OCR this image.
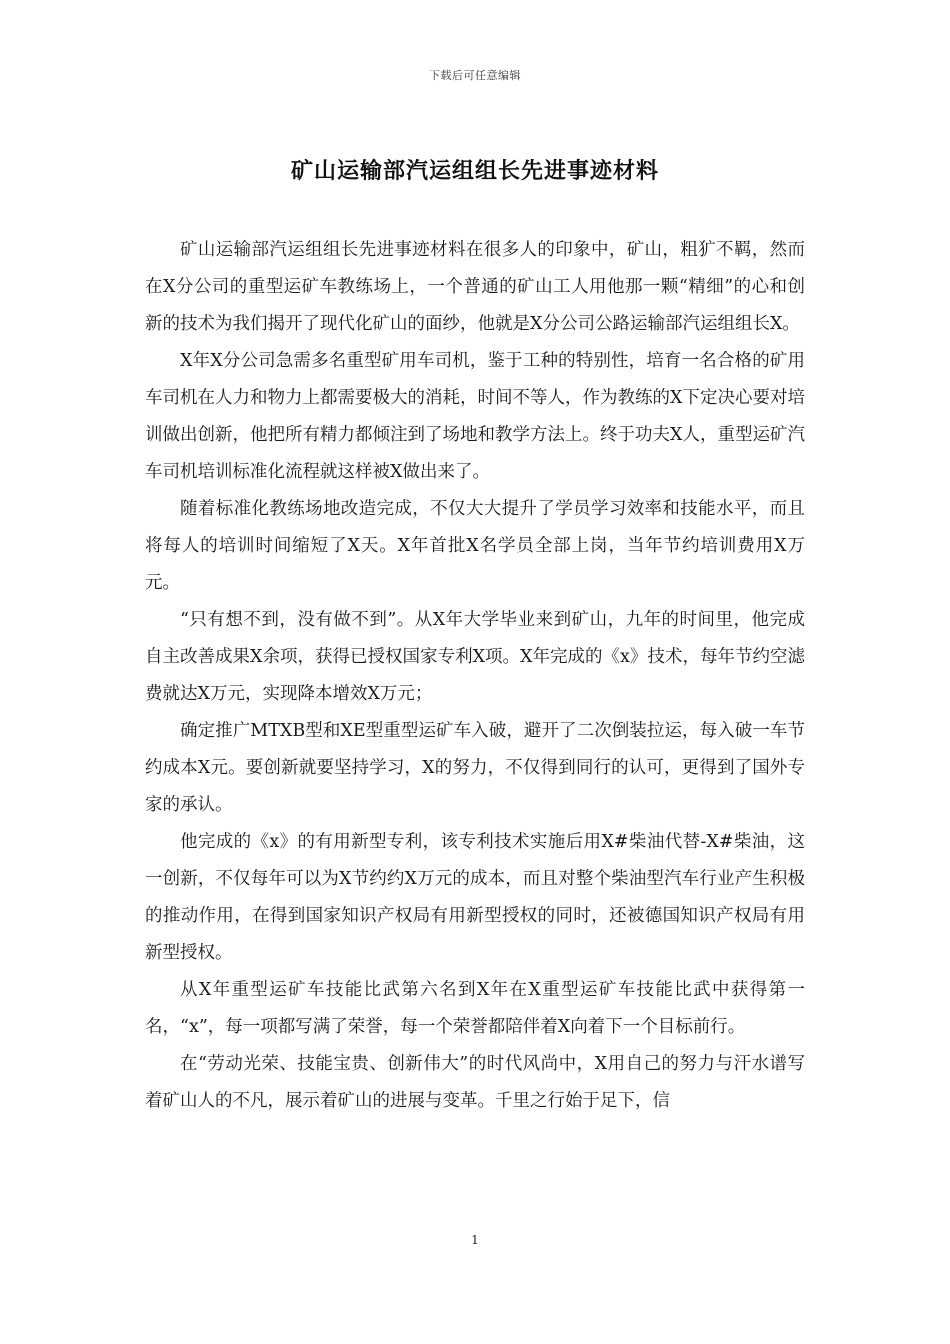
下载后可任意编辑
矿山运输部汽运组组长先进事迹材料

矿山运输部汽运组组长先进事迹材料在很多人的印象中，矿山，粗犷不羁，然而在X分公司的重型运矿车教练场上，一个普通的矿山工人用他那一颗“精细”的心和创新的技术为我们揭开了现代化矿山的面纱，他就是X分公司公路运输部汽运组组长X。

X年X分公司急需多名重型矿用车司机，鉴于工种的特别性，培育一名合格的矿用车司机在人力和物力上都需要极大的消耗，时间不等人，作为教练的X下定决心要对培训做出创新，他把所有精力都倾注到了场地和教学方法上。终于功夫X人，重型运矿汽车司机培训标准化流程就这样被X做出来了。

随着标准化教练场地改造完成，不仅大大提升了学员学习效率和技能水平，而且将每人的培训时间缩短了X天。X年首批X名学员全部上岗，当年节约培训费用X万元。

“只有想不到，没有做不到”。从X年大学毕业来到矿山，九年的时间里，他完成自主改善成果X余项，获得已授权国家专利X项。X年完成的《x》技术，每年节约空滤费就达X万元，实现降本增效X万元；

确定推广MTXB型和XE型重型运矿车入破，避开了二次倒装拉运，每入破一车节约成本X元。要创新就要坚持学习，X的努力，不仅得到同行的认可，更得到了国外专家的承认。

他完成的《x》的有用新型专利，该专利技术实施后用X#柴油代替-X#柴油，这一创新，不仅每年可以为X节约约X万元的成本，而且对整个柴油型汽车行业产生积极的推动作用，在得到国家知识产权局有用新型授权的同时，还被德国知识产权局有用新型授权。

从X年重型运矿车技能比武第六名到X年在X重型运矿车技能比武中获得第一名，“x”，每一项都写满了荣誉，每一个荣誉都陪伴着X向着下一个目标前行。

在“劳动光荣、技能宝贵、创新伟大”的时代风尚中，X用自己的努力与汗水谱写着矿山人的不凡，展示着矿山的进展与变革。千里之行始于足下，信

1
